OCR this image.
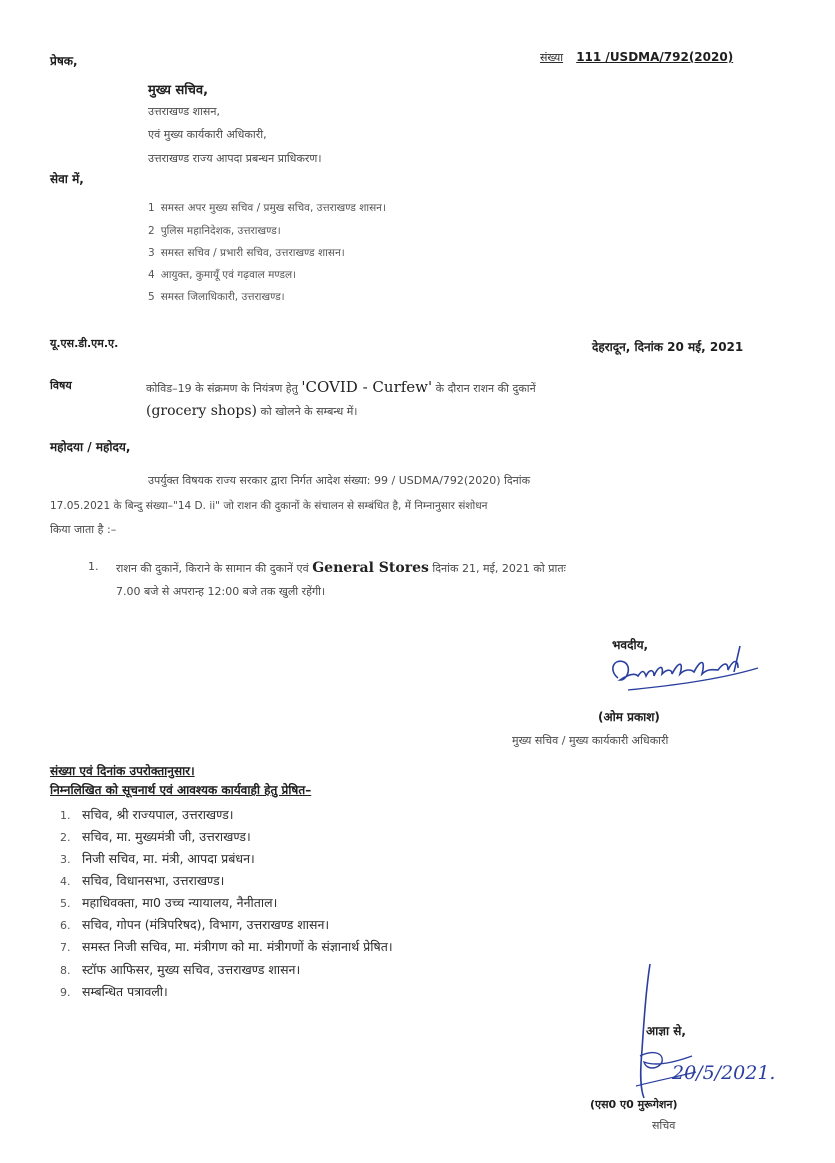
प्रेषक,	संख्या 111 /USDMA/792(2020)
मुख्य सचिव,
उत्तराखण्ड शासन,
एवं मुख्य कार्यकारी अधिकारी,
उत्तराखण्ड राज्य आपदा प्रबन्धन प्राधिकरण।
सेवा में,
1 समस्त अपर मुख्य सचिव / प्रमुख सचिव, उत्तराखण्ड शासन।
2 पुलिस महानिदेशक, उत्तराखण्ड।
3 समस्त सचिव / प्रभारी सचिव, उत्तराखण्ड शासन।
4 आयुक्त, कुमायूँ एवं गढ़वाल मण्डल।
5 समस्त जिलाधिकारी, उत्तराखण्ड।
यू.एस.डी.एम.ए.	देहरादून, दिनांक 20 मई, 2021
विषय	कोविड–19 के संक्रमण के नियंत्रण हेतु 'COVID - Curfew' के दौरान राशन की दुकानें
(grocery shops) को खोलने के सम्बन्ध में।
महोदया / महोदय,
उपर्युक्त विषयक राज्य सरकार द्वारा निर्गत आदेश संख्या: 99 / USDMA/792(2020) दिनांक
17.05.2021 के बिन्दु संख्या–"14 D. ii" जो राशन की दुकानों के संचालन से सम्बंधित है, में निम्नानुसार संशोधन
किया जाता है :–
1. राशन की दुकानें, किराने के सामान की दुकानें एवं General Stores दिनांक 21, मई, 2021 को प्रातः
7.00 बजे से अपरान्ह 12:00 बजे तक खुली रहेंगी।
भवदीय,
(ओम प्रकाश)
मुख्य सचिव / मुख्य कार्यकारी अधिकारी
संख्या एवं दिनांक उपरोक्तानुसार।
निम्नलिखित को सूचनार्थ एवं आवश्यक कार्यवाही हेतु प्रेषित–
1. सचिव, श्री राज्यपाल, उत्तराखण्ड।
2. सचिव, मा. मुख्यमंत्री जी, उत्तराखण्ड।
3. निजी सचिव, मा. मंत्री, आपदा प्रबंधन।
4. सचिव, विधानसभा, उत्तराखण्ड।
5. महाधिवक्ता, मा0 उच्च न्यायालय, नैनीताल।
6. सचिव, गोपन (मंत्रिपरिषद), विभाग, उत्तराखण्ड शासन।
7. समस्त निजी सचिव, मा. मंत्रीगण को मा. मंत्रीगणों के संज्ञानार्थ प्रेषित।
8. स्टॉफ आफिसर, मुख्य सचिव, उत्तराखण्ड शासन।
9. सम्बन्धित पत्रावली।
आज्ञा से,
20/5/2021.
(एस0 ए0 मुरूगेशन)
सचिव
